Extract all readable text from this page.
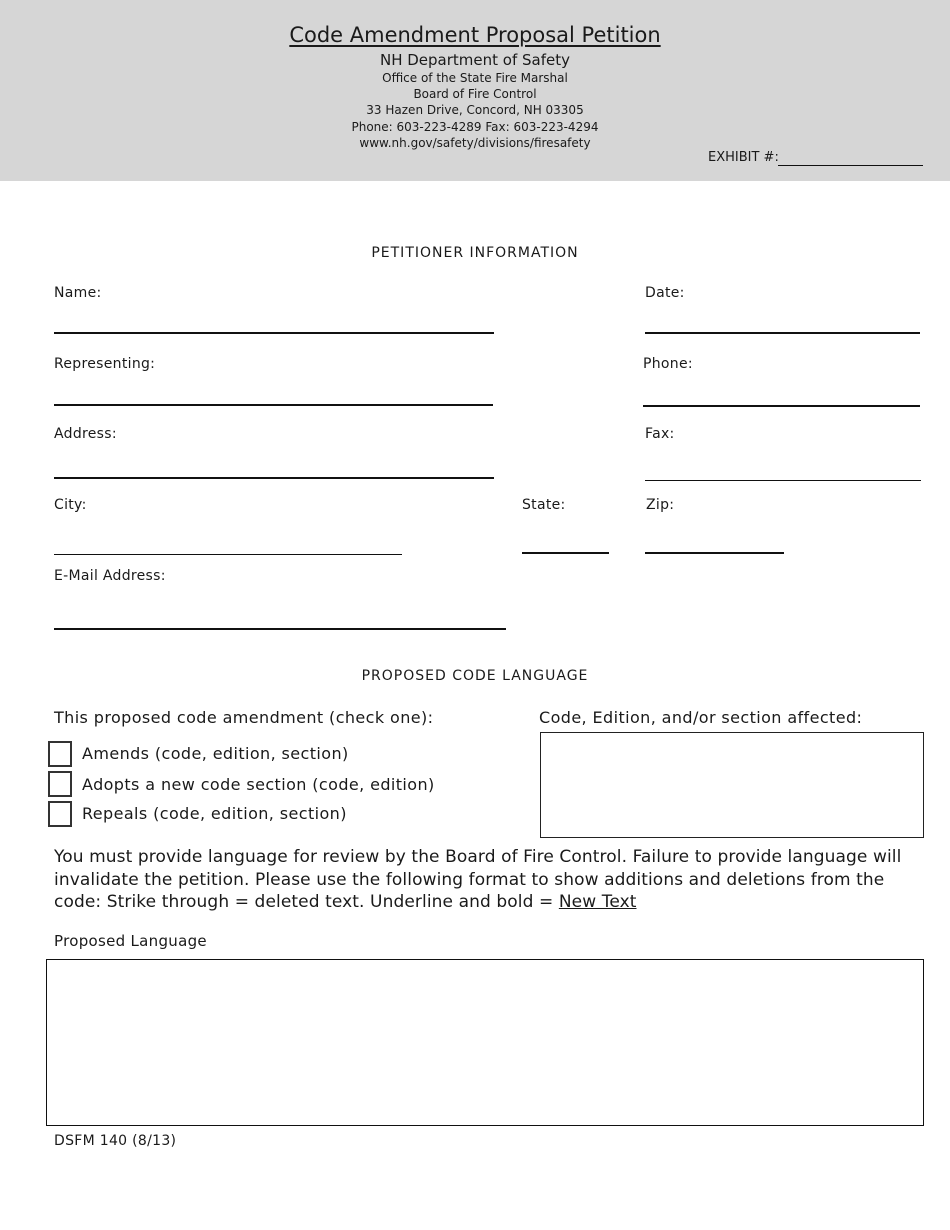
Code Amendment Proposal Petition
NH Department of Safety
Office of the State Fire Marshal
Board of Fire Control
33 Hazen Drive, Concord, NH 03305
Phone: 603-223-4289 Fax: 603-223-4294
www.nh.gov/safety/divisions/firesafety
EXHIBIT #:
PETITIONER INFORMATION
Name:	Date:
Representing:	Phone:
Address:	Fax:
City:	State:	Zip:
E-Mail Address:
PROPOSED CODE LANGUAGE
This proposed code amendment (check one):	Code, Edition, and/or section affected:
Amends (code, edition, section)
Adopts a new code section (code, edition)
Repeals (code, edition, section)
You must provide language for review by the Board of Fire Control. Failure to provide language will invalidate the petition. Please use the following format to show additions and deletions from the code: Strike through = deleted text. Underline and bold = New Text
Proposed Language
DSFM 140 (8/13)
